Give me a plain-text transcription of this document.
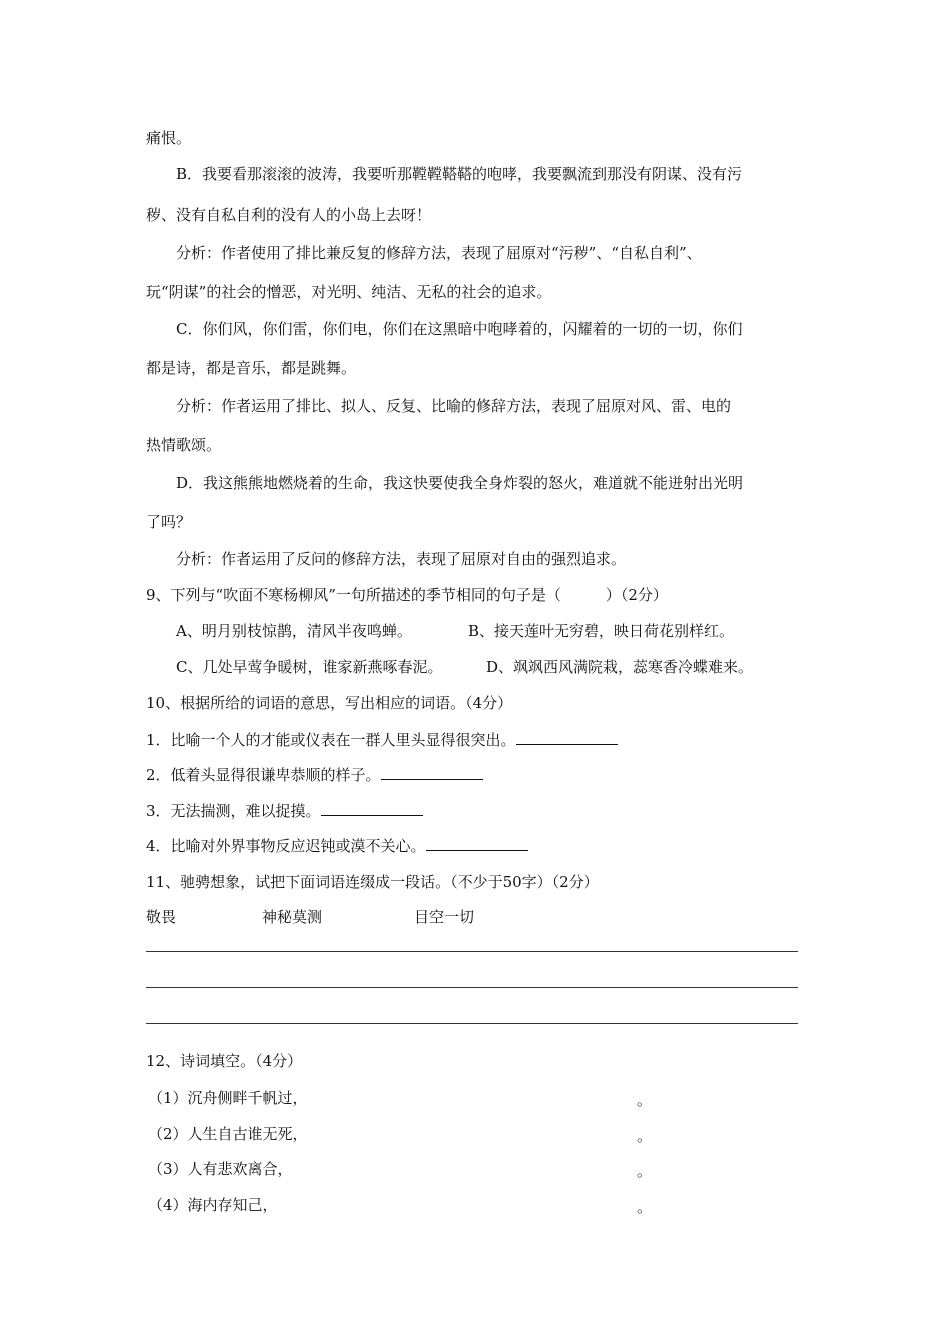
痛恨。
B．我要看那滚滚的波涛，我要听那鞺鞺鞳鞳的咆哮，我要飘流到那没有阴谋、没有污
秽、没有自私自利的没有人的小岛上去呀！
分析：作者使用了排比兼反复的修辞方法，表现了屈原对“污秽”、“自私自利”、
玩“阴谋”的社会的憎恶，对光明、纯洁、无私的社会的追求。
C．你们风，你们雷，你们电，你们在这黑暗中咆哮着的，闪耀着的一切的一切，你们
都是诗，都是音乐，都是跳舞。
分析：作者运用了排比、拟人、反复、比喻的修辞方法，表现了屈原对风、雷、电的
热情歌颂。
D．我这熊熊地燃烧着的生命，我这快要使我全身炸裂的怒火，难道就不能迸射出光明
了吗？
分析：作者运用了反问的修辞方法，表现了屈原对自由的强烈追求。
9、下列与“吹面不寒杨柳风”一句所描述的季节相同的句子是（　　　）（2分）
A、明月别枝惊鹊，清风半夜鸣蝉。	B、接天莲叶无穷碧，映日荷花别样红。
C、几处早莺争暖树，谁家新燕啄春泥。	D、飒飒西风满院栽，蕊寒香冷蝶难来。
10、根据所给的词语的意思，写出相应的词语。（4分）
1．比喻一个人的才能或仪表在一群人里头显得很突出。
2．低着头显得很谦卑恭顺的样子。
3．无法揣测，难以捉摸。
4．比喻对外界事物反应迟钝或漠不关心。
11、驰骋想象，试把下面词语连缀成一段话。（不少于50字）（2分）
敬畏	神秘莫测	目空一切
12、诗词填空。（4分）
（1）沉舟侧畔千帆过，	。
（2）人生自古谁无死，	。
（3）人有悲欢离合，	。
（4）海内存知己，	。
